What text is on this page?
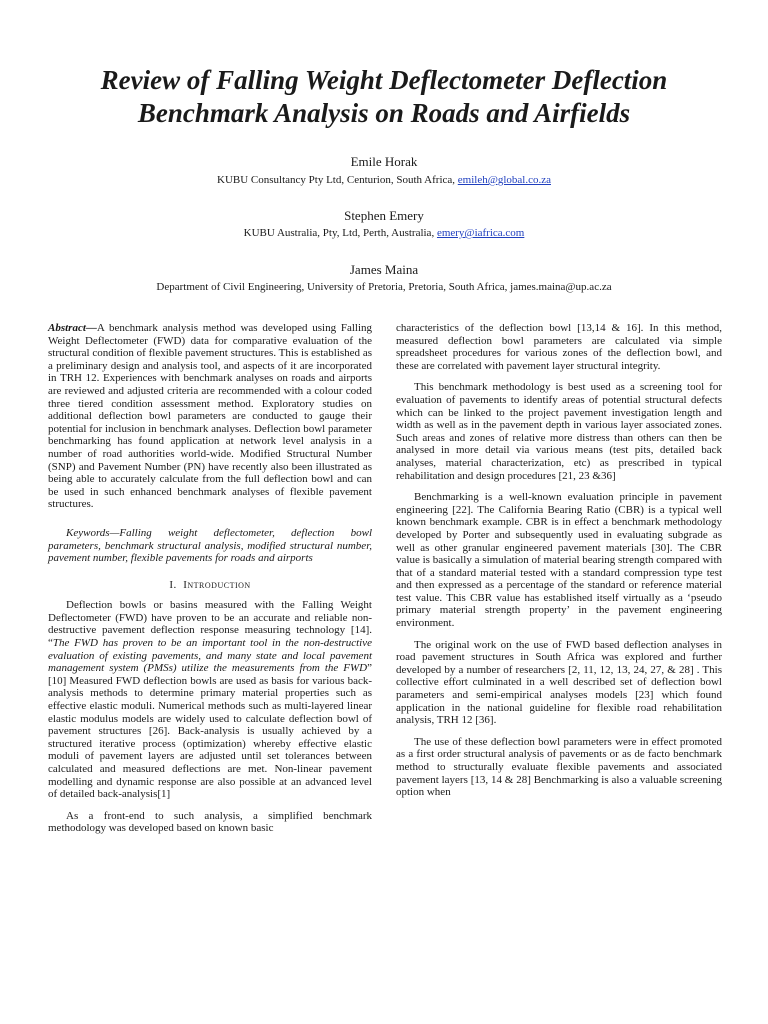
Review of Falling Weight Deflectometer Deflection
Benchmark Analysis on Roads and Airfields
Emile Horak
KUBU Consultancy Pty Ltd, Centurion, South Africa, emileh@global.co.za
Stephen Emery
KUBU Australia, Pty, Ltd, Perth, Australia, emery@iafrica.com
James Maina
Department of Civil Engineering, University of Pretoria, Pretoria, South Africa, james.maina@up.ac.za

Abstract—A benchmark analysis method was developed using Falling Weight Deflectometer (FWD) data for comparative evaluation of the structural condition of flexible pavement structures. This is established as a preliminary design and analysis tool, and aspects of it are incorporated in TRH 12. Experiences with benchmark analyses on roads and airports are reviewed and adjusted criteria are recommended with a colour coded three tiered condition assessment method. Exploratory studies on additional deflection bowl parameters are conducted to gauge their potential for inclusion in benchmark analyses. Deflection bowl parameter benchmarking has found application at network level analysis in a number of road authorities world-wide. Modified Structural Number (SNP) and Pavement Number (PN) have recently also been illustrated as being able to accurately calculate from the full deflection bowl and can be used in such enhanced benchmark analyses of flexible pavement structures.

Keywords—Falling weight deflectometer, deflection bowl parameters, benchmark structural analysis, modified structural number, pavement number, flexible pavements for roads and airports

I. Introduction

Deflection bowls or basins measured with the Falling Weight Deflectometer (FWD) have proven to be an accurate and reliable non-destructive pavement deflection response measuring technology [14]. “The FWD has proven to be an important tool in the non-destructive evaluation of existing pavements, and many state and local pavement management system (PMSs) utilize the measurements from the FWD” [10] Measured FWD deflection bowls are used as basis for various back-analysis methods to determine primary material properties such as effective elastic moduli. Numerical methods such as multi-layered linear elastic modulus models are widely used to calculate deflection bowl of pavement structures [26]. Back-analysis is usually achieved by a structured iterative process (optimization) whereby effective elastic moduli of pavement layers are adjusted until set tolerances between calculated and measured deflections are met. Non-linear pavement modelling and dynamic response are also possible at an advanced level of detailed back-analysis[1]

As a front-end to such analysis, a simplified benchmark methodology was developed based on known basic

characteristics of the deflection bowl [13,14 & 16]. In this method, measured deflection bowl parameters are calculated via simple spreadsheet procedures for various zones of the deflection bowl, and these are correlated with pavement layer structural integrity.

This benchmark methodology is best used as a screening tool for evaluation of pavements to identify areas of potential structural defects which can be linked to the project pavement investigation length and width as well as in the pavement depth in various layer associated zones. Such areas and zones of relative more distress than others can then be analysed in more detail via various means (test pits, detailed back analyses, material characterization, etc) as prescribed in typical rehabilitation and design procedures [21, 23 &36]

Benchmarking is a well-known evaluation principle in pavement engineering [22]. The California Bearing Ratio (CBR) is a typical well known benchmark example. CBR is in effect a benchmark methodology developed by Porter and subsequently used in evaluating subgrade as well as other granular engineered pavement materials [30]. The CBR value is basically a simulation of material bearing strength compared with that of a standard material tested with a standard compression type test and then expressed as a percentage of the standard or reference material test value. This CBR value has established itself virtually as a ‘pseudo primary material strength property’ in the pavement engineering environment.

The original work on the use of FWD based deflection analyses in road pavement structures in South Africa was explored and further developed by a number of researchers [2, 11, 12, 13, 24, 27, & 28] . This collective effort culminated in a well described set of deflection bowl parameters and semi-empirical analyses models [23] which found application in the national guideline for flexible road rehabilitation analysis, TRH 12 [36].

The use of these deflection bowl parameters were in effect promoted as a first order structural analysis of pavements or as de facto benchmark method to structurally evaluate flexible pavements and associated pavement layers [13, 14 & 28] Benchmarking is also a valuable screening option when
